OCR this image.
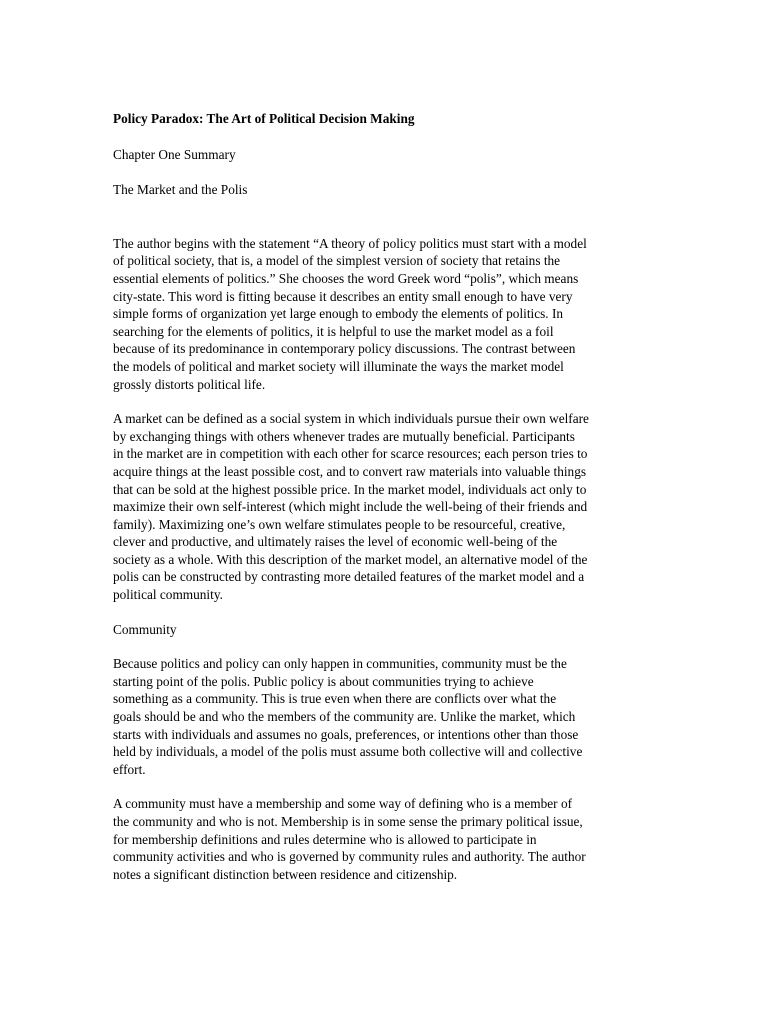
Policy Paradox: The Art of Political Decision Making
Chapter One Summary
The Market and the Polis

The author begins with the statement “A theory of policy politics must start with a model
of political society, that is, a model of the simplest version of society that retains the
essential elements of politics.” She chooses the word Greek word “polis”, which means
city-state. This word is fitting because it describes an entity small enough to have very
simple forms of organization yet large enough to embody the elements of politics. In
searching for the elements of politics, it is helpful to use the market model as a foil
because of its predominance in contemporary policy discussions. The contrast between
the models of political and market society will illuminate the ways the market model
grossly distorts political life.

A market can be defined as a social system in which individuals pursue their own welfare
by exchanging things with others whenever trades are mutually beneficial. Participants
in the market are in competition with each other for scarce resources; each person tries to
acquire things at the least possible cost, and to convert raw materials into valuable things
that can be sold at the highest possible price. In the market model, individuals act only to
maximize their own self-interest (which might include the well-being of their friends and
family). Maximizing one’s own welfare stimulates people to be resourceful, creative,
clever and productive, and ultimately raises the level of economic well-being of the
society as a whole. With this description of the market model, an alternative model of the
polis can be constructed by contrasting more detailed features of the market model and a
political community.

Community

Because politics and policy can only happen in communities, community must be the
starting point of the polis. Public policy is about communities trying to achieve
something as a community. This is true even when there are conflicts over what the
goals should be and who the members of the community are. Unlike the market, which
starts with individuals and assumes no goals, preferences, or intentions other than those
held by individuals, a model of the polis must assume both collective will and collective
effort.

A community must have a membership and some way of defining who is a member of
the community and who is not. Membership is in some sense the primary political issue,
for membership definitions and rules determine who is allowed to participate in
community activities and who is governed by community rules and authority. The author
notes a significant distinction between residence and citizenship.
